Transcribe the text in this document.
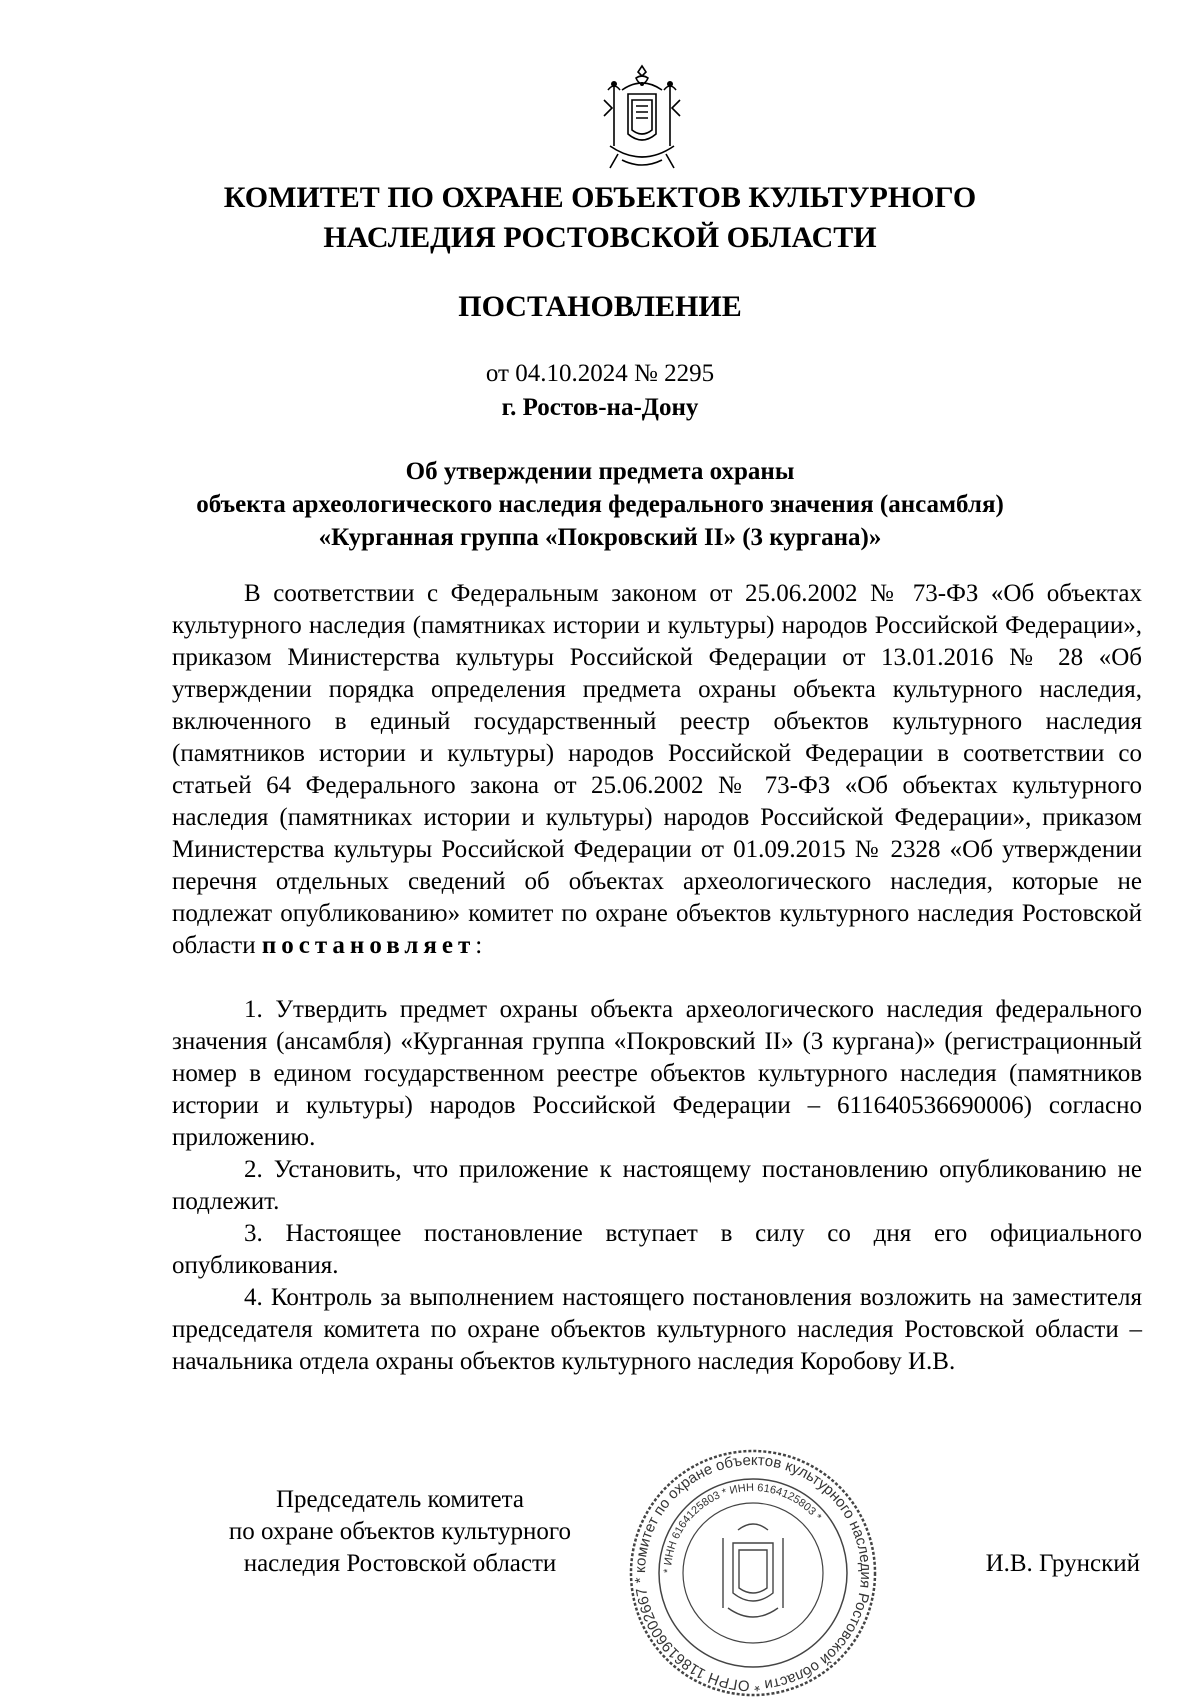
КОМИТЕТ ПО ОХРАНЕ ОБЪЕКТОВ КУЛЬТУРНОГО
НАСЛЕДИЯ РОСТОВСКОЙ ОБЛАСТИ
ПОСТАНОВЛЕНИЕ
от 04.10.2024 № 2295
г. Ростов-на-Дону
Об утверждении предмета охраны
объекта археологического наследия федерального значения (ансамбля)
«Курганная группа «Покровский II» (3 кургана)»

В соответствии с Федеральным законом от 25.06.2002 № 73-ФЗ «Об объектах культурного наследия (памятниках истории и культуры) народов Российской Федерации», приказом Министерства культуры Российской Федерации от 13.01.2016 № 28 «Об утверждении порядка определения предмета охраны объекта культурного наследия, включенного в единый государственный реестр объектов культурного наследия (памятников истории и культуры) народов Российской Федерации в соответствии со статьей 64 Федерального закона от 25.06.2002 № 73-ФЗ «Об объектах культурного наследия (памятниках истории и культуры) народов Российской Федерации», приказом Министерства культуры Российской Федерации от 01.09.2015 № 2328 «Об утверждении перечня отдельных сведений об объектах археологического наследия, которые не подлежат опубликованию» комитет по охране объектов культурного наследия Ростовской области постановляет:

1. Утвердить предмет охраны объекта археологического наследия федерального значения (ансамбля) «Курганная группа «Покровский II» (3 кургана)» (регистрационный номер в едином государственном реестре объектов культурного наследия (памятников истории и культуры) народов Российской Федерации – 611640536690006) согласно приложению.

2. Установить, что приложение к настоящему постановлению опубликованию не подлежит.

3. Настоящее постановление вступает в силу со дня его официального опубликования.

4. Контроль за выполнением настоящего постановления возложить на заместителя председателя комитета по охране объектов культурного наследия Ростовской области – начальника отдела охраны объектов культурного наследия Коробову И.В.

Председатель комитета
по охране объектов культурного
наследия Ростовской области	комитет по охране объектов культурного наследия Ростовской области * ОГРН 1186196002667 *
* ИНН 6164125803 * ИНН 6164125803 *
И.В. Грунский
